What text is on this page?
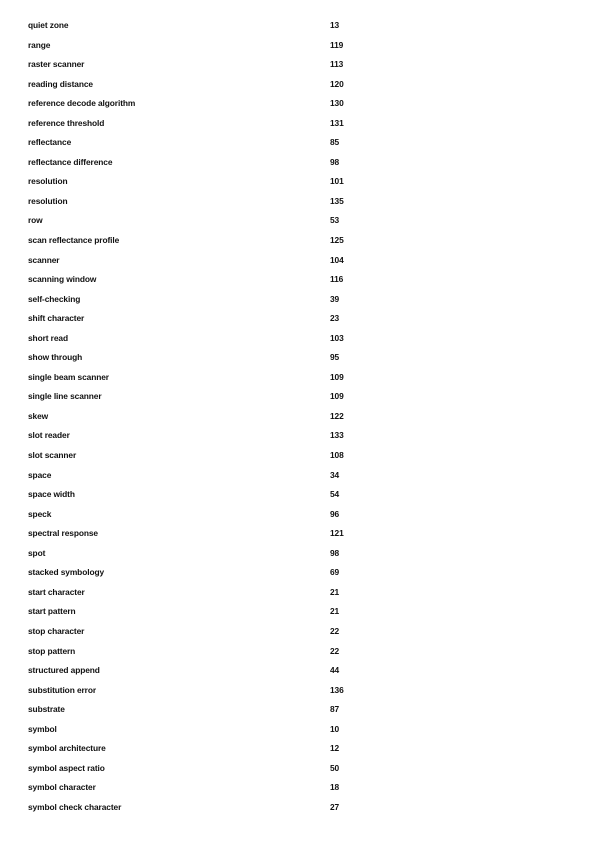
quiet zone	13
range	119
raster scanner	113
reading distance	120
reference decode algorithm	130
reference threshold	131
reflectance	85
reflectance difference	98
resolution	101
resolution	135
row	53
scan reflectance profile	125
scanner	104
scanning window	116
self-checking	39
shift character	23
short read	103
show through	95
single beam scanner	109
single line scanner	109
skew	122
slot reader	133
slot scanner	108
space	34
space width	54
speck	96
spectral response	121
spot	98
stacked symbology	69
start character	21
start pattern	21
stop character	22
stop pattern	22
structured append	44
substitution error	136
substrate	87
symbol	10
symbol architecture	12
symbol aspect ratio	50
symbol character	18
symbol check character	27
